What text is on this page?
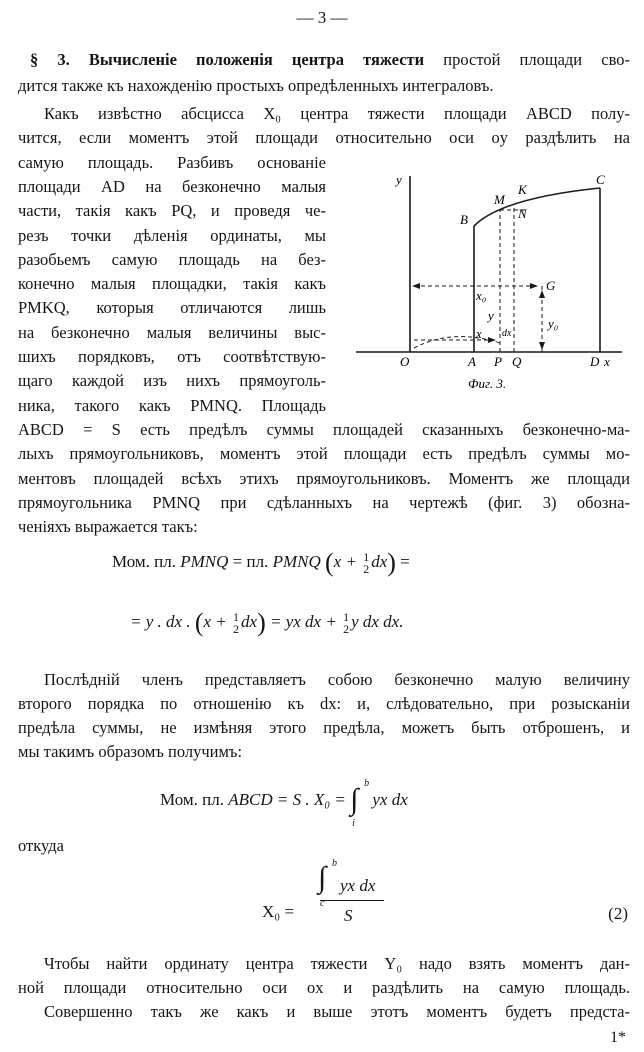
— 3 —
§ 3. Вычисленіе положенія центра тяжести простой площади сво-
дится также къ нахожденію простыхъ опредѣленныхъ интеграловъ.
Какъ извѣстно абсцисса X₀ центра тяжести площади ABCD полу-
чится, если моментъ этой площади относительно оси oy раздѣлить на
самую площадь. Разбивъ основаніе
площади AD на безконечно малыя
части, такія какъ PQ, и проведя че-
резъ точки дѣленія ординаты, мы
разобьемъ самую площадь на без-
конечно малыя площадки, такія какъ
PMKQ, которыя отличаются лишь
на безконечно малыя величины выс-
шихъ порядковъ, отъ соотвѣтствую-
щаго каждой изъ нихъ прямоуголь-
ника, такого какъ PMNQ. Площадь
ABCD = S есть предѣлъ суммы площадей сказанныхъ безконечно-ма-
лыхъ прямоугольниковъ, моментъ этой площади есть предѣлъ суммы мо-
ментовъ площадей всѣхъ этихъ прямоугольниковъ. Моментъ же площади
прямоугольника PMNQ при сдѣланныхъ на чертежѣ (фиг. 3) обозна-
ченіяхъ выражается такъ:
y
B
M
K
C
N
G
x₀
y
y₀
x dx
O	A P Q	D x
Фиг. 3.
Мом. пл. PMNQ = пл. PMNQ (x + 1
2 dx) =
= y . dx . (x + 1
2 dx) = yx dx + 1
2 y dx dx.
Послѣдній членъ представляетъ собою безконечно малую величину
второго порядка по отношенію къ dx: и, слѣдовательно, при розысканіи
предѣла суммы, не измѣняя этого предѣла, можетъ быть отброшенъ, и
мы такимъ образомъ получимъ:
Мом. пл. ABCD = S . X₀ = ∫ b
i
yx dx
откуда
X₀ =
∫ b
c
yx dx
S	(2)
Чтобы найти ординату центра тяжести Y₀ надо взять моментъ дан-
ной площади относительно оси ox и раздѣлить на самую площадь.
Совершенно такъ же какъ и выше этотъ моментъ будетъ предста-
1*
